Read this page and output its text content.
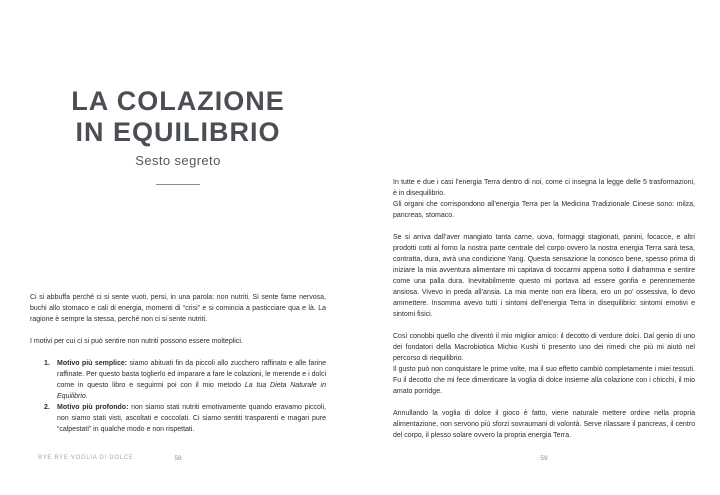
LA COLAZIONE
IN EQUILIBRIO
Sesto segreto

Ci si abbuffa perché ci si sente vuoti, persi, in una parola: non nutriti. Si sente fame nervosa, buchi allo stomaco e cali di energia, momenti di “crisi” e si comincia a pasticciare qua e là. La ragione è sempre la stessa, perché non ci si sente nutriti.

I motivi per cui ci si può sentire non nutriti possono essere molteplici.

1. Motivo più semplice: siamo abituati fin da piccoli allo zucchero raffinato e alle farine raffinate. Per questo basta toglierlo ed imparare a fare le colazioni, le merende e i dolci come in questo libro e seguirmi poi con il mio metodo La tua Dieta Naturale in Equilibrio.
2. Motivo più profondo: non siamo stati nutriti emotivamente quando eravamo piccoli, non siamo stati visti, ascoltati e coccolati. Ci siamo sentiti trasparenti e magari pure “calpestati” in qualche modo e non rispettati.
BYE BYE VOGLIA DI DOLCE	58

In tutte e due i casi l’energia Terra dentro di noi, come ci insegna la legge delle 5 trasformazioni, è in disequilibrio.

Gli organi che corrispondono all’energia Terra per la Medicina Tradizionale Cinese sono: milza, pancreas, stomaco.

Se si arriva dall’aver mangiato tanta carne, uova, formaggi stagionati, panini, focacce, e altri prodotti cotti al forno la nostra parte centrale del corpo ovvero la nostra energia Terra sarà tesa, contratta, dura, avrà una condizione Yang. Questa sensazione la conosco bene, spesso prima di iniziare la mia avventura alimentare mi capitava di toccarmi appena sotto il diaframma e sentire come una palla dura. Inevitabilmente questo mi portava ad essere gonfia e perennemente ansiosa. Vivevo in preda all’ansia. La mia mente non era libera, ero un po’ ossessiva, lo devo ammettere. Insomma avevo tutti i sintomi dell’energia Terra in disequilibrio: sintomi emotivi e sintomi fisici.

Così conobbi quello che diventò il mio miglior amico: il decotto di verdure dolci. Dal genio di uno dei fondatori della Macrobiotica Michio Kushi ti presento uno dei rimedi che più mi aiutò nel percorso di riequilibrio.

Il gusto può non conquistare le prime volte, ma il suo effetto cambiò completamente i miei tessuti. Fu il decotto che mi fece dimenticare la voglia di dolce insieme alla colazione con i chicchi, il mio amato porridge.

Annullando la voglia di dolce il gioco è fatto, viene naturale mettere ordine nella propria alimentazione, non servono più sforzi sovraumani di volontà. Serve rilassare il pancreas, il centro del corpo, il plesso solare ovvero la propria energia Terra.

59
